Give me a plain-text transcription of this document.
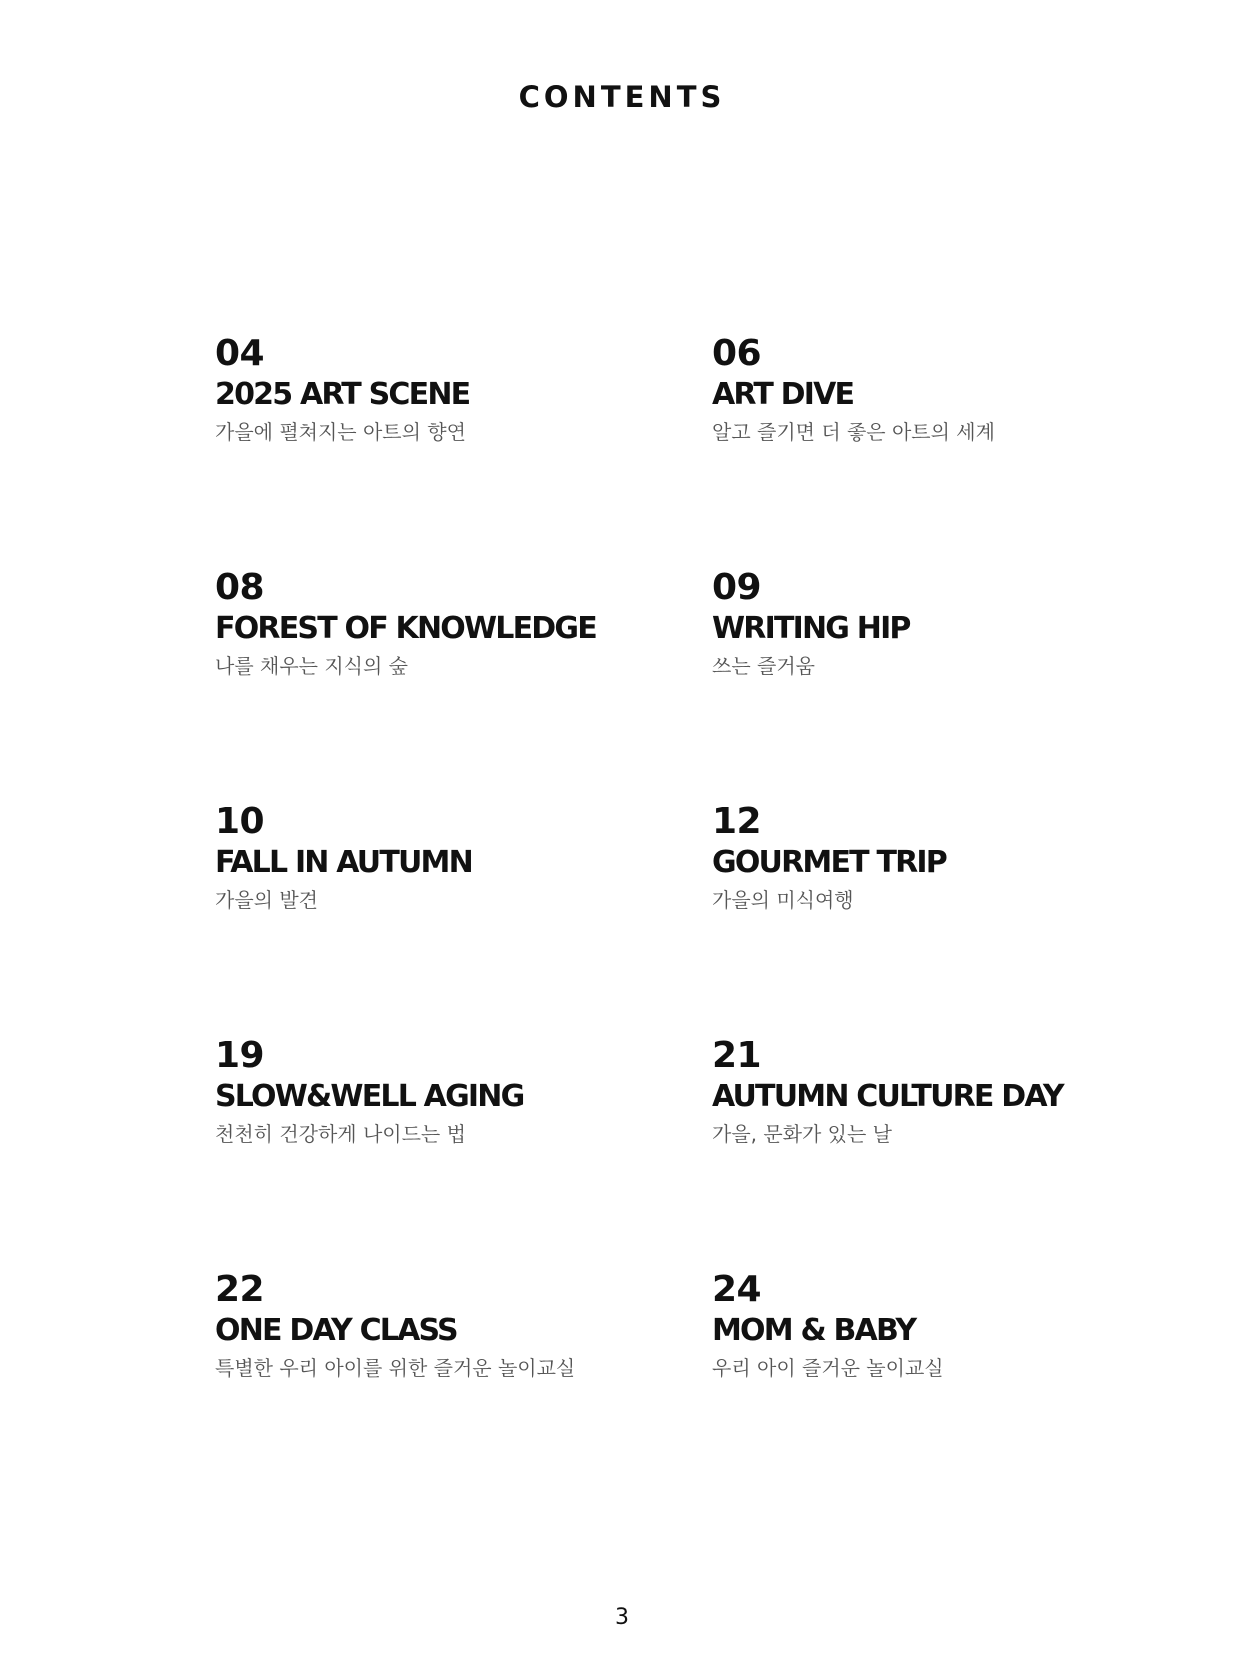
CONTENTS
04
2025 ART SCENE
가을에 펼쳐지는 아트의 향연
06
ART DIVE
알고 즐기면 더 좋은 아트의 세계
08
FOREST OF KNOWLEDGE
나를 채우는 지식의 숲
09
WRITING HIP
쓰는 즐거움
10
FALL IN AUTUMN
가을의 발견
12
GOURMET TRIP
가을의 미식여행
19
SLOW&WELL AGING
천천히 건강하게 나이드는 법
21
AUTUMN CULTURE DAY
가을, 문화가 있는 날
22
ONE DAY CLASS
특별한 우리 아이를 위한 즐거운 놀이교실
24
MOM & BABY
우리 아이 즐거운 놀이교실
3
